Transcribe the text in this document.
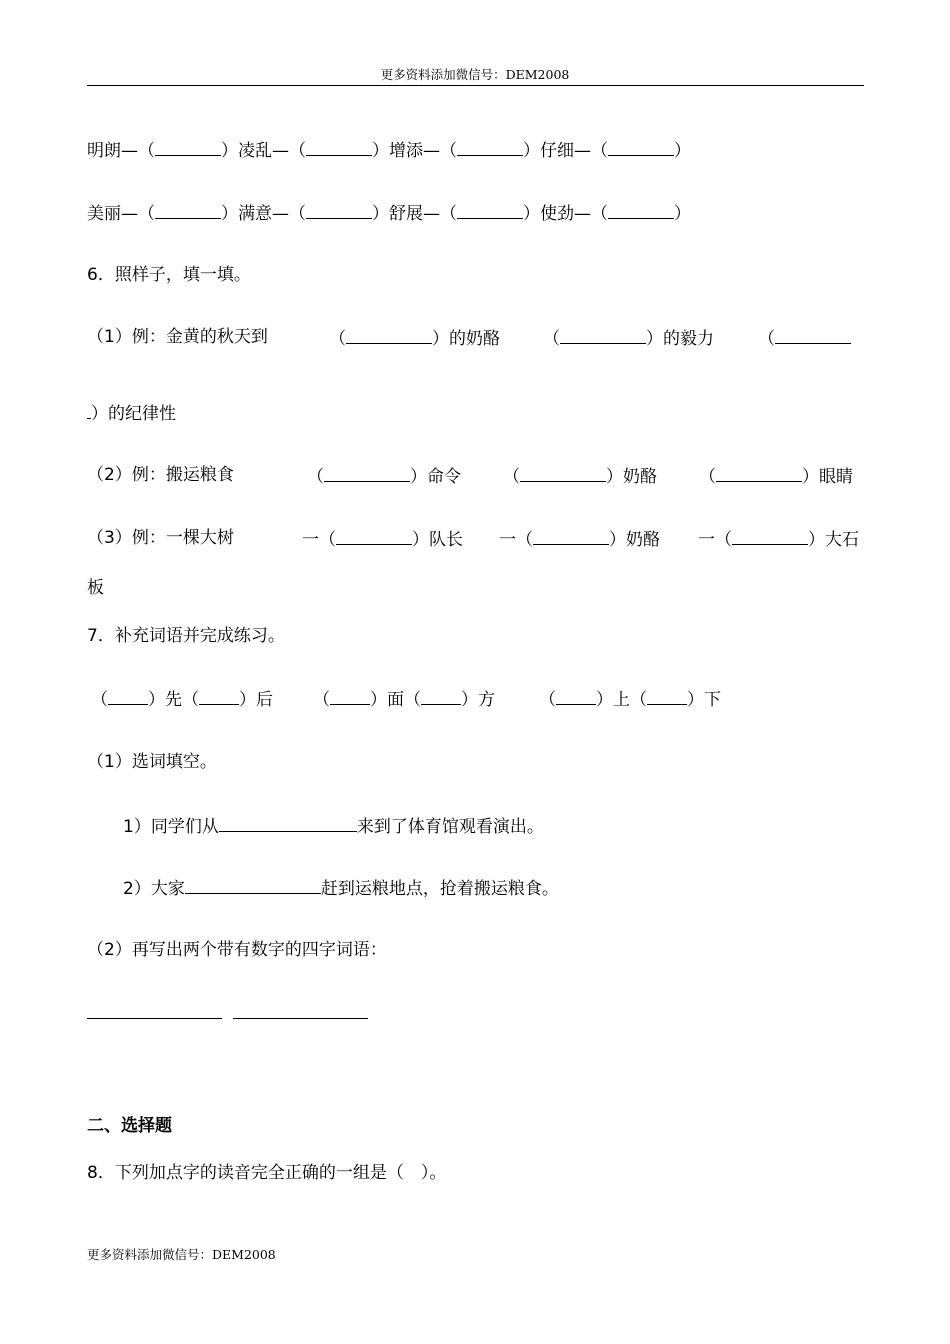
更多资料添加微信号：DEM2008
明朗—（	）凌乱—（	）增添—（	）仔细—（	）
美丽—（	）满意—（	）舒展—（	）使劲—（	）
6．照样子，填一填。
（1）例：金黄的秋天到	（	）的奶酪	（	）的毅力	（
）的纪律性
（2）例：搬运粮食	（	）命令 （	）奶酪 （	）眼睛
（3）例：一棵大树	一（	）队长 一（	）奶酪 一（	）大石
板
7．补充词语并完成练习。
（ ）先（ ）后 （ ）面（ ）方	（ ）上（ ）下
（1）选词填空。
1）同学们从	来到了体育馆观看演出。
2）大家	赶到运粮地点，抢着搬运粮食。
（2）再写出两个带有数字的四字词语：

二、选择题
8．下列加点字的读音完全正确的一组是（　）。
更多资料添加微信号：DEM2008
